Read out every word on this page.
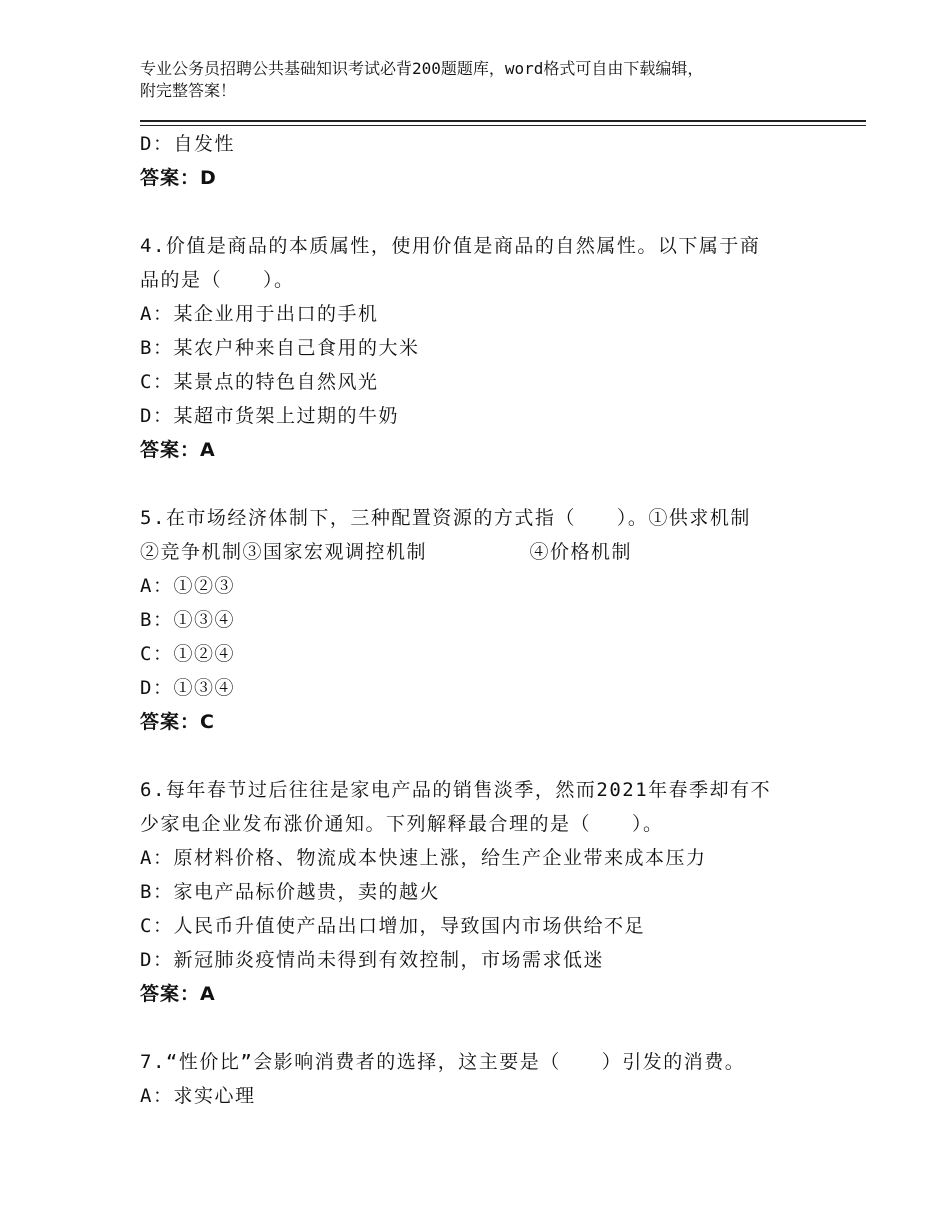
专业公务员招聘公共基础知识考试必背200题题库，word格式可自由下载编辑，
附完整答案！
D：自发性
答案：D
4.价值是商品的本质属性，使用价值是商品的自然属性。以下属于商
品的是（　　）。
A：某企业用于出口的手机
B：某农户种来自己食用的大米
C：某景点的特色自然风光
D：某超市货架上过期的牛奶
答案：A
5.在市场经济体制下，三种配置资源的方式指（　　）。①供求机制
②竞争机制③国家宏观调控机制　　　　　④价格机制
A：①②③
B：①③④
C：①②④
D：①③④
答案：C
6.每年春节过后往往是家电产品的销售淡季，然而2021年春季却有不
少家电企业发布涨价通知。下列解释最合理的是（　　）。
A：原材料价格、物流成本快速上涨，给生产企业带来成本压力
B：家电产品标价越贵，卖的越火
C：人民币升值使产品出口增加，导致国内市场供给不足
D：新冠肺炎疫情尚未得到有效控制，市场需求低迷
答案：A
7.“性价比”会影响消费者的选择，这主要是（　　）引发的消费。
A：求实心理
